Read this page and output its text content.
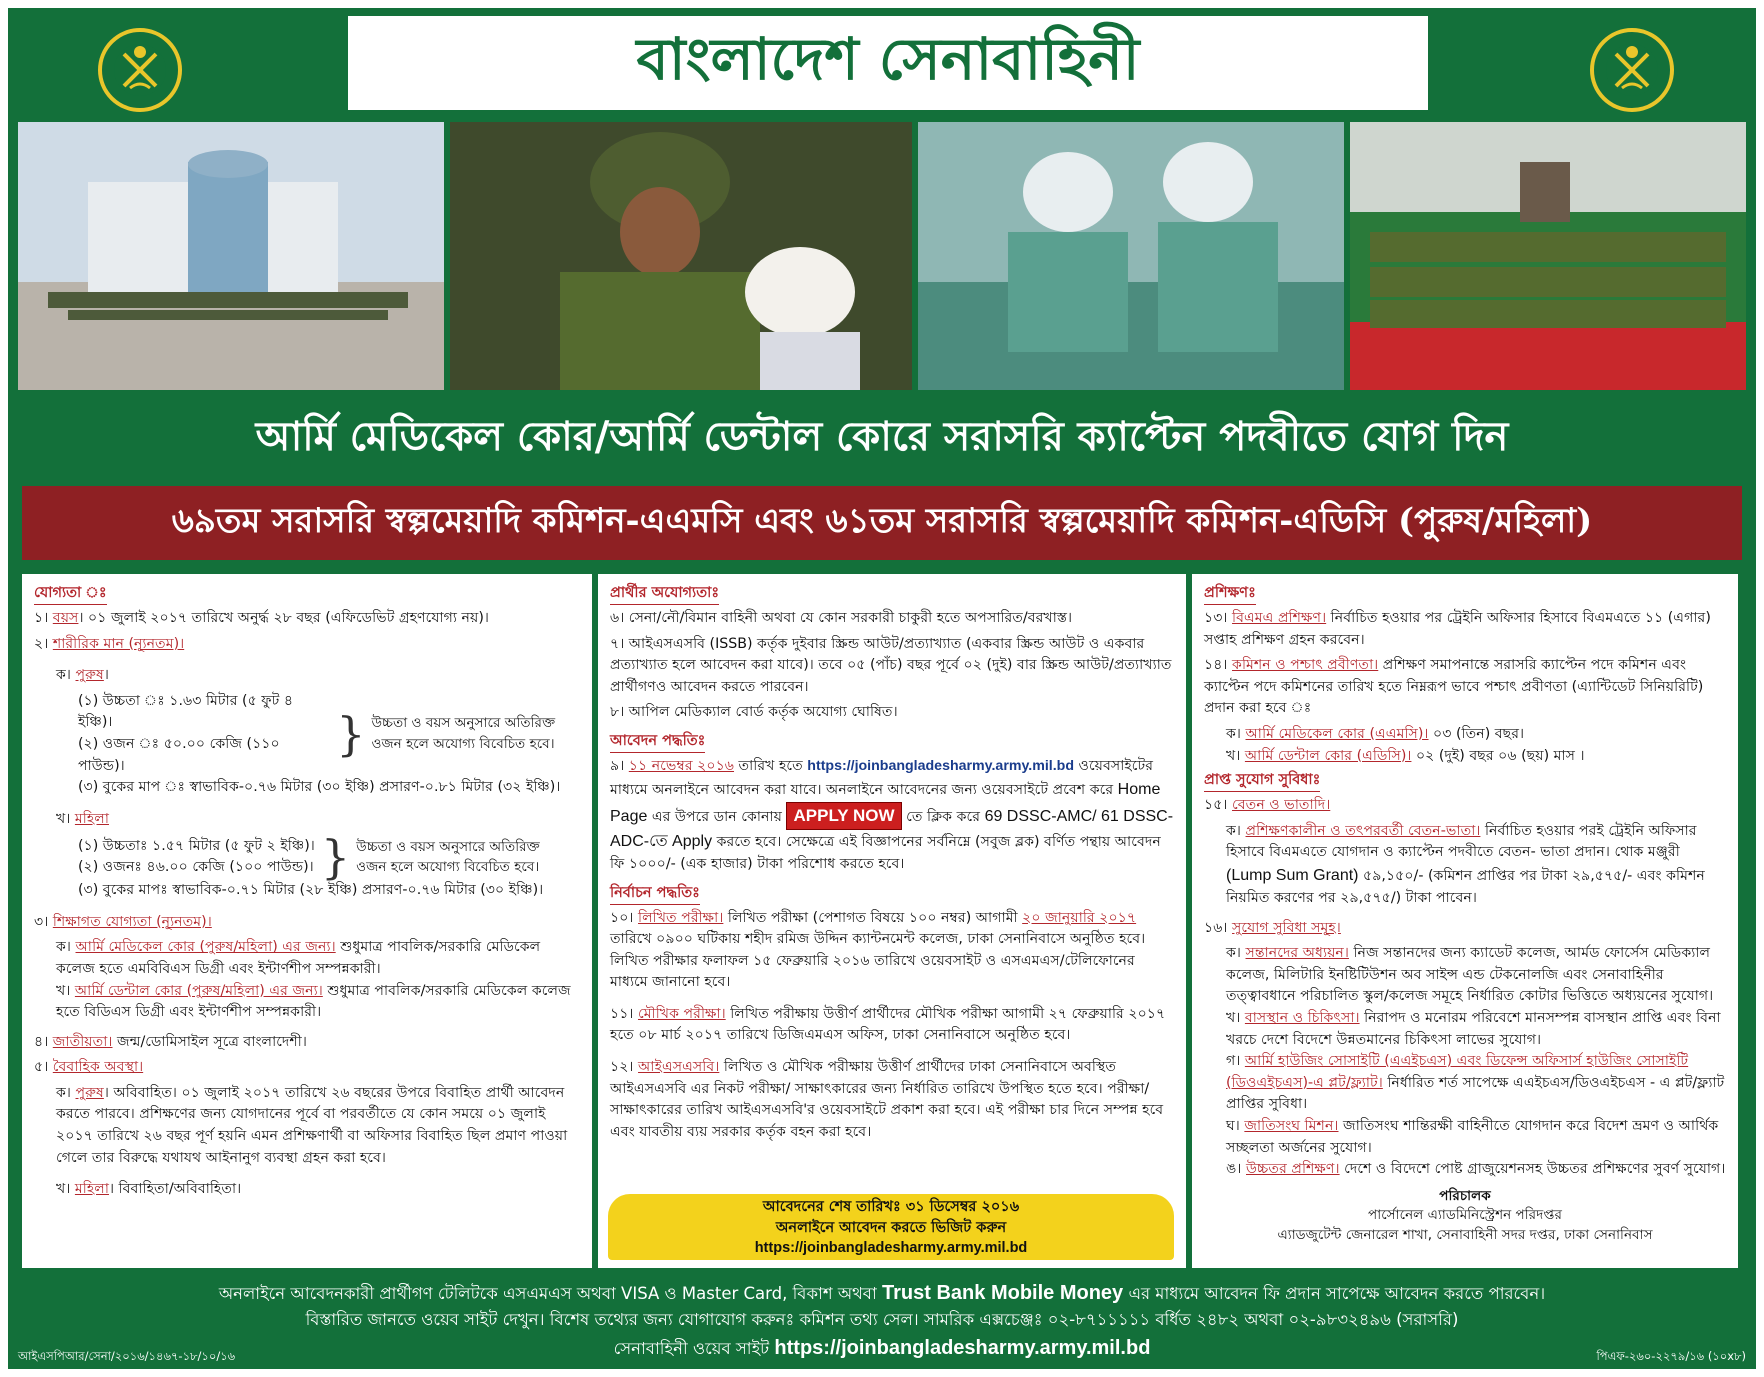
বাংলাদেশ সেনাবাহিনী
আর্মি মেডিকেল কোর/আর্মি ডেন্টাল কোরে সরাসরি ক্যাপ্টেন পদবীতে যোগ দিন
৬৯তম সরাসরি স্বল্পমেয়াদি কমিশন-এএমসি এবং ৬১তম সরাসরি স্বল্পমেয়াদি কমিশন-এডিসি (পুরুষ/মহিলা)
যোগ্যতা ঃ
১। বয়স। ০১ জুলাই ২০১৭ তারিখে অনুর্দ্ধ ২৮ বছর (এফিডেভিট গ্রহণযোগ্য নয়)।
২। শারীরিক মান (ন্যূনতম)।
ক। পুরুষ।
(১) উচ্চতা ঃ ১.৬৩ মিটার (৫ ফুট ৪ ইঞ্চি)।
(২) ওজন ঃ ৫০.০০ কেজি (১১০ পাউন্ড)।
} উচ্চতা ও বয়স অনুসারে অতিরিক্ত ওজন হলে অযোগ্য বিবেচিত হবে।
(৩) বুকের মাপ ঃ স্বাভাবিক-০.৭৬ মিটার (৩০ ইঞ্চি) প্রসারণ-০.৮১ মিটার (৩২ ইঞ্চি)।
খ। মহিলা
(১) উচ্চতাঃ ১.৫৭ মিটার (৫ ফুট ২ ইঞ্চি)।
(২) ওজনঃ ৪৬.০০ কেজি (১০০ পাউন্ড)। } উচ্চতা ও বয়স অনুসারে অতিরিক্ত ওজন হলে অযোগ্য বিবেচিত হবে।
(৩) বুকের মাপঃ স্বাভাবিক-০.৭১ মিটার (২৮ ইঞ্চি) প্রসারণ-০.৭৬ মিটার (৩০ ইঞ্চি)।
৩। শিক্ষাগত যোগ্যতা (ন্যূনতম)।
ক। আর্মি মেডিকেল কোর (পুরুষ/মহিলা) এর জন্য। শুধুমাত্র পাবলিক/সরকারি মেডিকেল কলেজ হতে এমবিবিএস ডিগ্রী এবং ইন্টার্ণশীপ সম্পন্নকারী।
খ। আর্মি ডেন্টাল কোর (পুরুষ/মহিলা) এর জন্য। শুধুমাত্র পাবলিক/সরকারি মেডিকেল কলেজ হতে বিডিএস ডিগ্রী এবং ইন্টার্ণশীপ সম্পন্নকারী।
৪। জাতীয়তা। জন্ম/ডোমিসাইল সূত্রে বাংলাদেশী।
৫। বৈবাহিক অবস্থা।
ক। পুরুষ। অবিবাহিত। ০১ জুলাই ২০১৭ তারিখে ২৬ বছরের উপরে বিবাহিত প্রার্থী আবেদন করতে পারবে। প্রশিক্ষণের জন্য যোগদানের পূর্বে বা পরবর্তীতে যে কোন সময়ে ০১ জুলাই ২০১৭ তারিখে ২৬ বছর পূর্ণ হয়নি এমন প্রশিক্ষণার্থী বা অফিসার বিবাহিত ছিল প্রমাণ পাওয়া গেলে তার বিরুদ্ধে যথাযথ আইনানুগ ব্যবস্থা গ্রহন করা হবে।
খ। মহিলা। বিবাহিতা/অবিবাহিতা।
প্রার্থীর অযোগ্যতাঃ
৬। সেনা/নৌ/বিমান বাহিনী অথবা যে কোন সরকারী চাকুরী হতে অপসারিত/বরখাস্ত।
৭। আইএসএসবি (ISSB) কর্তৃক দুইবার স্ক্রিন্ড আউট/প্রত্যাখ্যাত (একবার স্ক্রিন্ড আউট ও একবার প্রত্যাখ্যাত হলে আবেদন করা যাবে)। তবে ০৫ (পাঁচ) বছর পূর্বে ০২ (দুই) বার স্ক্রিন্ড আউট/প্রত্যাখ্যাত প্রার্থীগণও আবেদন করতে পারবেন।
৮। আপিল মেডিক্যাল বোর্ড কর্তৃক অযোগ্য ঘোষিত।
আবেদন পদ্ধতিঃ
৯। ১১ নভেম্বর ২০১৬ তারিখ হতে https://joinbangladesharmy.army.mil.bd ওয়েবসাইটের মাধ্যমে অনলাইনে আবেদন করা যাবে। অনলাইনে আবেদনের জন্য ওয়েবসাইটে প্রবেশ করে Home Page এর উপরে ডান কোনায় APPLY NOW তে ক্লিক করে 69 DSSC-AMC/ 61 DSSC-ADC-তে Apply করতে হবে। সেক্ষেত্রে এই বিজ্ঞাপনের সর্বনিম্নে (সবুজ ব্লক) বর্ণিত পন্থায় আবেদন ফি ১০০০/- (এক হাজার) টাকা পরিশোধ করতে হবে।
নির্বাচন পদ্ধতিঃ
১০। লিখিত পরীক্ষা। লিখিত পরীক্ষা (পেশাগত বিষয়ে ১০০ নম্বর) আগামী ২০ জানুয়ারি ২০১৭ তারিখে ০৯০০ ঘটিকায় শহীদ রমিজ উদ্দিন ক্যান্টনমেন্ট কলেজ, ঢাকা সেনানিবাসে অনুষ্ঠিত হবে। লিখিত পরীক্ষার ফলাফল ১৫ ফেব্রুয়ারি ২০১৬ তারিখে ওয়েবসাইট ও এসএমএস/টেলিফোনের মাধ্যমে জানানো হবে।
১১। মৌখিক পরীক্ষা। লিখিত পরীক্ষায় উত্তীর্ণ প্রার্থীদের মৌখিক পরীক্ষা আগামী ২৭ ফেব্রুয়ারি ২০১৭ হতে ০৮ মার্চ ২০১৭ তারিখে ডিজিএমএস অফিস, ঢাকা সেনানিবাসে অনুষ্ঠিত হবে।
১২। আইএসএসবি। লিখিত ও মৌখিক পরীক্ষায় উত্তীর্ণ প্রার্থীদের ঢাকা সেনানিবাসে অবস্থিত আইএসএসবি এর নিকট পরীক্ষা/ সাক্ষাৎকারের জন্য নির্ধারিত তারিখে উপস্থিত হতে হবে। পরীক্ষা/ সাক্ষাৎকারের তারিখ আইএসএসবি'র ওয়েবসাইটে প্রকাশ করা হবে। এই পরীক্ষা চার দিনে সম্পন্ন হবে এবং যাবতীয় ব্যয় সরকার কর্তৃক বহন করা হবে।
আবেদনের শেষ তারিখঃ ৩১ ডিসেম্বর ২০১৬
অনলাইনে আবেদন করতে ভিজিট করুন
https://joinbangladesharmy.army.mil.bd
প্রশিক্ষণঃ
১৩। বিএমএ প্রশিক্ষণ। নির্বাচিত হওয়ার পর ট্রেইনি অফিসার হিসাবে বিএমএতে ১১ (এগার) সপ্তাহ প্রশিক্ষণ গ্রহন করবেন।
১৪। কমিশন ও পশ্চাৎ প্রবীণতা। প্রশিক্ষণ সমাপনান্তে সরাসরি ক্যাপ্টেন পদে কমিশন এবং ক্যাপ্টেন পদে কমিশনের তারিখ হতে নিম্নরূপ ভাবে পশ্চাৎ প্রবীণতা (এ্যান্টিডেট সিনিয়রিটি) প্রদান করা হবে ঃ
ক। আর্মি মেডিকেল কোর (এএমসি)। ০৩ (তিন) বছর।
খ। আর্মি ডেন্টাল কোর (এডিসি)। ০২ (দুই) বছর ০৬ (ছয়) মাস ।
প্রাপ্ত সুযোগ সুবিধাঃ
১৫। বেতন ও ভাতাদি।
ক। প্রশিক্ষণকালীন ও তৎপরবর্তী বেতন-ভাতা। নির্বাচিত হওয়ার পরই ট্রেইনি অফিসার হিসাবে বিএমএতে যোগদান ও ক্যাপ্টেন পদবীতে বেতন- ভাতা প্রদান। থোক মঞ্জুরী (Lump Sum Grant) ৫৯,১৫০/- (কমিশন প্রাপ্তির পর টাকা ২৯,৫৭৫/- এবং কমিশন নিয়মিত করণের পর ২৯,৫৭৫/) টাকা পাবেন।
১৬। সুযোগ সুবিধা সমূহ।
ক। সন্তানদের অধ্যয়ন। নিজ সন্তানদের জন্য ক্যাডেট কলেজ, আর্মড ফোর্সেস মেডিক্যাল কলেজ, মিলিটারি ইনষ্টিটিউশন অব সাইন্স এন্ড টেকনোলজি এবং সেনাবাহিনীর তত্ত্বাবধানে পরিচালিত স্কুল/কলেজ সমূহে নির্ধারিত কোটার ভিত্তিতে অধ্যয়নের সুযোগ।
খ। বাসস্থান ও চিকিৎসা। নিরাপদ ও মনোরম পরিবেশে মানসম্পন্ন বাসস্থান প্রাপ্তি এবং বিনা খরচে দেশে বিদেশে উন্নতমানের চিকিৎসা লাভের সুযোগ।
গ। আর্মি হাউজিং সোসাইটি (এএইচএস) এবং ডিফেন্স অফিসার্স হাউজিং সোসাইটি (ডিওএইচএস)-এ প্লট/ফ্ল্যাট। নির্ধারিত শর্ত সাপেক্ষে এএইচএস/ডিওএইচএস - এ প্লট/ফ্ল্যাট প্রাপ্তির সুবিধা।
ঘ। জাতিসংঘ মিশন। জাতিসংঘ শান্তিরক্ষী বাহিনীতে যোগদান করে বিদেশ ভ্রমণ ও আর্থিক সচ্ছলতা অর্জনের সুযোগ।
ঙ। উচ্চতর প্রশিক্ষণ। দেশে ও বিদেশে পোষ্ট গ্রাজুয়েশনসহ উচ্চতর প্রশিক্ষণের সুবর্ণ সুযোগ।
পরিচালক
পার্সোনেল এ্যাডমিনিস্ট্রেশন পরিদপ্তর
এ্যাডজুটেন্ট জেনারেল শাখা, সেনাবাহিনী সদর দপ্তর, ঢাকা সেনানিবাস
অনলাইনে আবেদনকারী প্রার্থীগণ টেলিটকে এসএমএস অথবা VISA ও Master Card, বিকাশ অথবা Trust Bank Mobile Money এর মাধ্যমে আবেদন ফি প্রদান সাপেক্ষে আবেদন করতে পারবেন।
বিস্তারিত জানতে ওয়েব সাইট দেখুন। বিশেষ তথ্যের জন্য যোগাযোগ করুনঃ কমিশন তথ্য সেল। সামরিক এক্সচেঞ্জঃ ০২-৮৭১১১১১ বর্ধিত ২৪৮২ অথবা ০২-৯৮৩২৪৯৬ (সরাসরি)
সেনাবাহিনী ওয়েব সাইট https://joinbangladesharmy.army.mil.bd
আইএসপিআর/সেনা/২০১৬/১৪৬৭-১৮/১০/১৬	পিএফ-২৬০-২২৭৯/১৬ (১০x৮)
